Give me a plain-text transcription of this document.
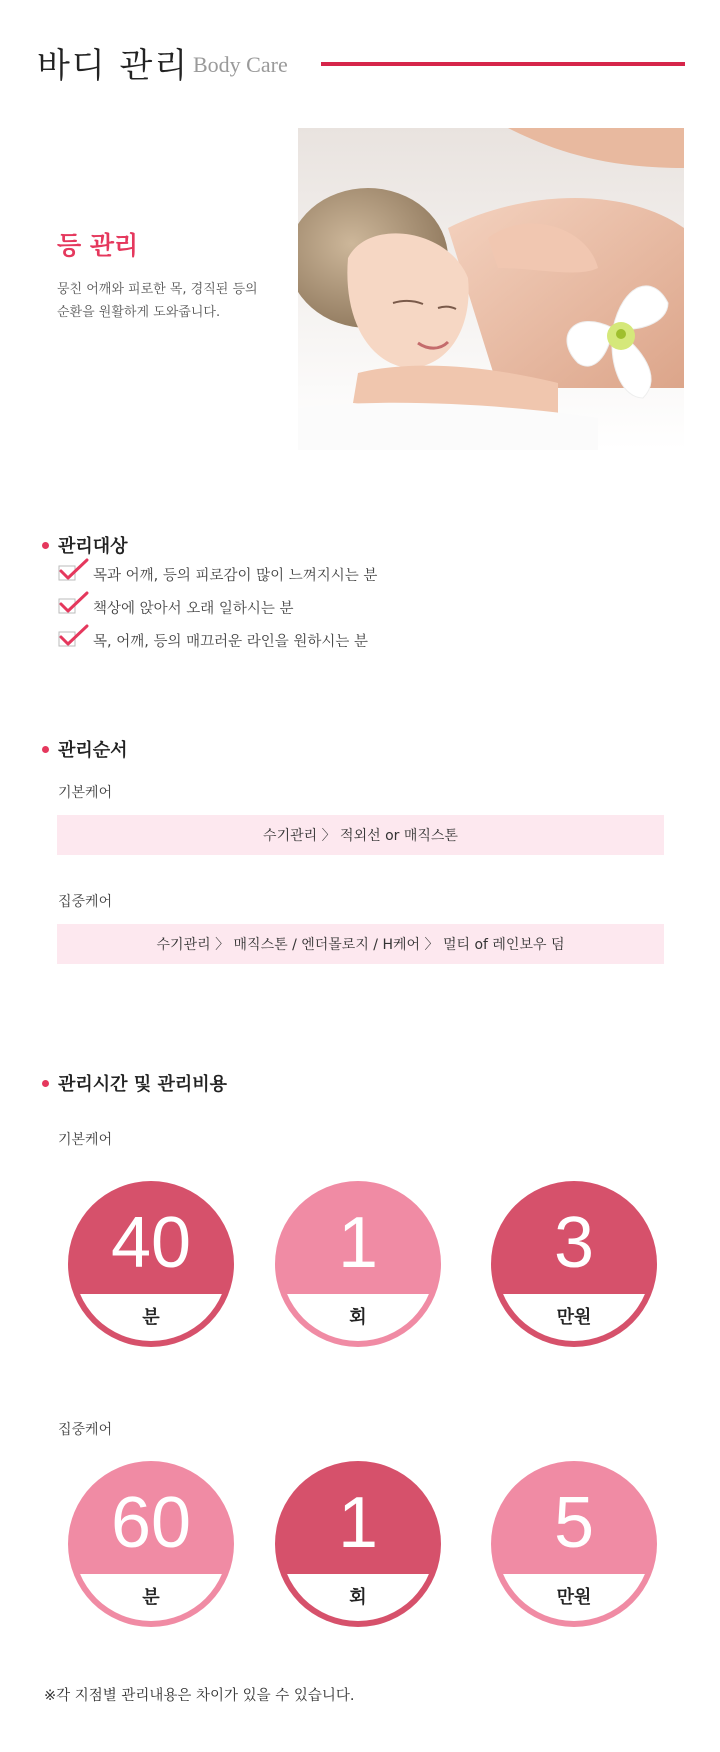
바디 관리 Body Care
등 관리
뭉친 어깨와 피로한 목, 경직된 등의
순환을 원활하게 도와줍니다.
관리대상
목과 어깨, 등의 피로감이 많이 느껴지시는 분
책상에 앉아서 오래 일하시는 분
목, 어깨, 등의 매끄러운 라인을 원하시는 분
관리순서
기본케어
수기관리 〉 적외선 or 매직스톤
집중케어
수기관리 〉 매직스톤 / 엔더몰로지 / H케어 〉 멀티 of 레인보우 덤
관리시간 및 관리비용
기본케어
40
분
1
회
3
만원
집중케어
60
분
1
회
5
만원
※각 지점별 관리내용은 차이가 있을 수 있습니다.
